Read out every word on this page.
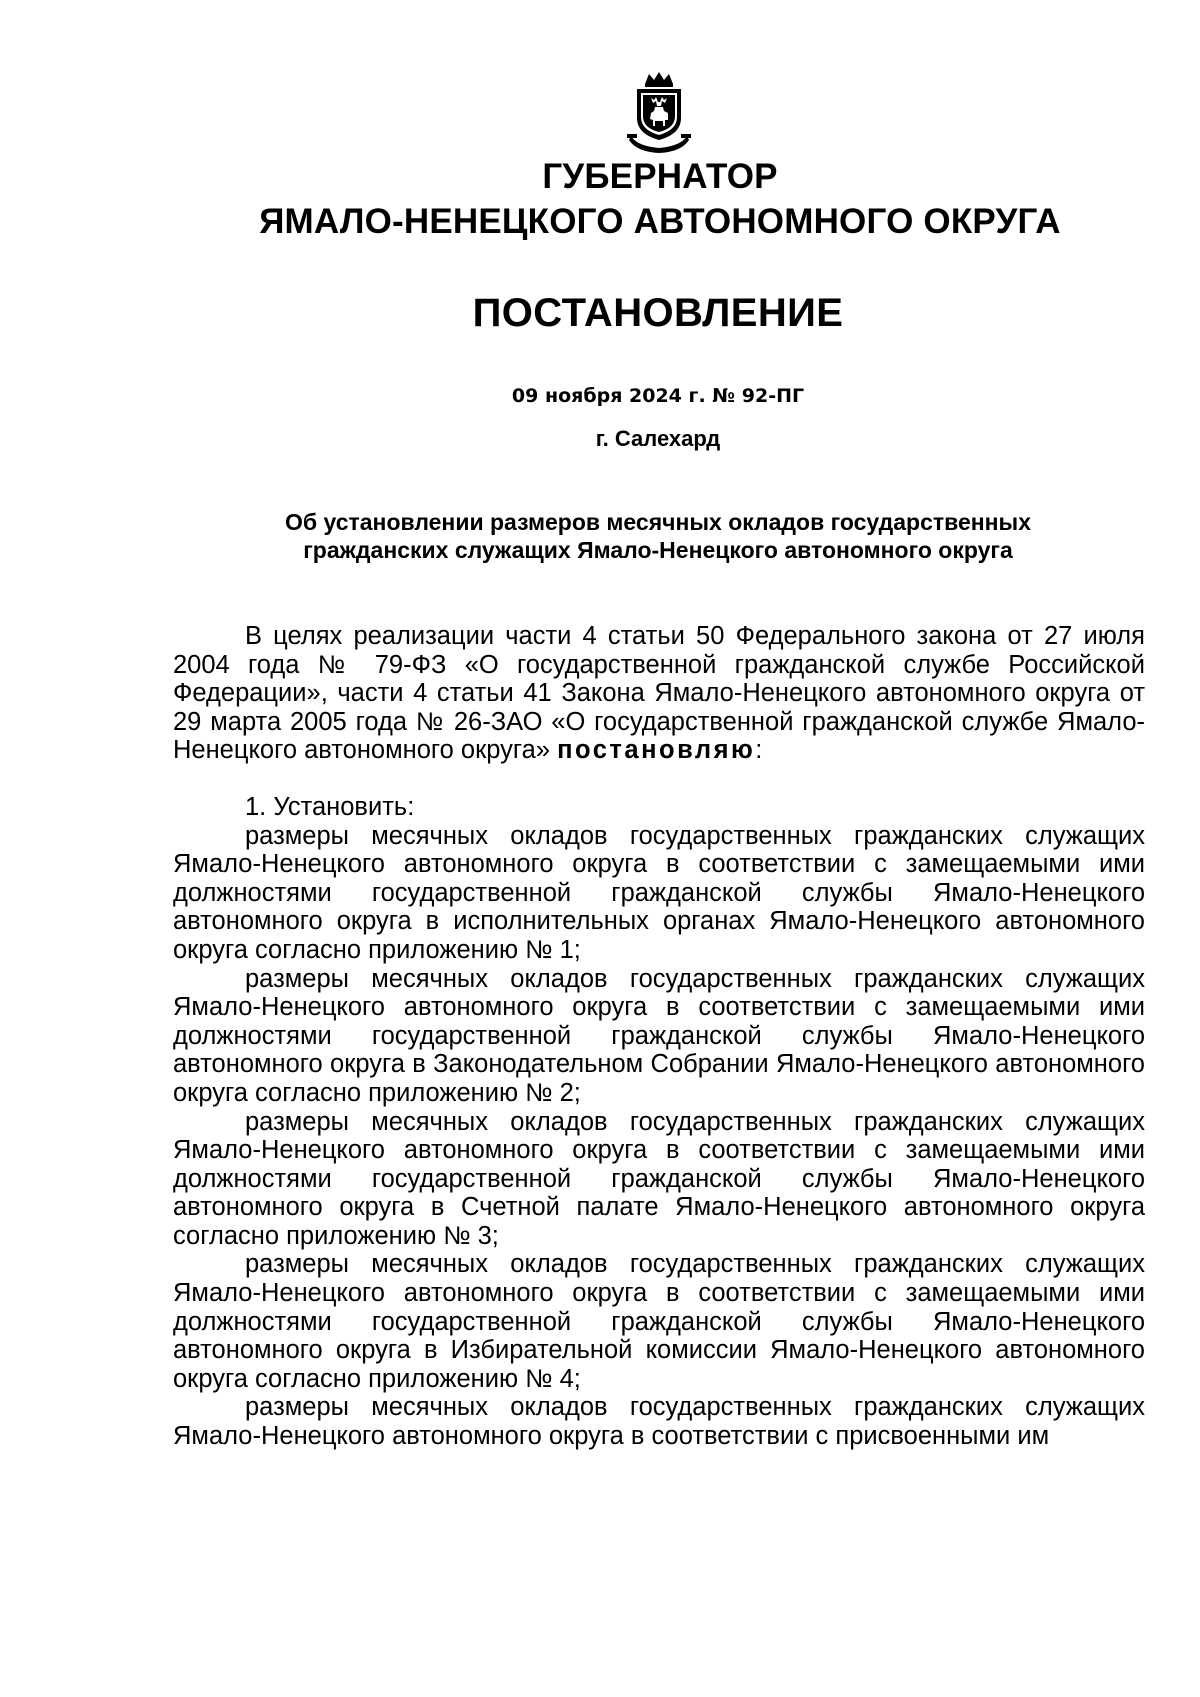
ГУБЕРНАТОР
ЯМАЛО-НЕНЕЦКОГО АВТОНОМНОГО ОКРУГА
ПОСТАНОВЛЕНИЕ
09 ноября 2024 г. № 92-ПГ
г. Салехард
Об установлении размеров месячных окладов государственных
гражданских служащих Ямало-Ненецкого автономного округа

В целях реализации части 4 статьи 50 Федерального закона от 27 июля 2004 года № 79-ФЗ «О государственной гражданской службе Российской Федерации», части 4 статьи 41 Закона Ямало-Ненецкого автономного округа от 29 марта 2005 года № 26-ЗАО «О государственной гражданской службе Ямало-Ненецкого автономного округа» постановляю:

1. Установить:

размеры месячных окладов государственных гражданских служащих Ямало-Ненецкого автономного округа в соответствии с замещаемыми ими должностями государственной гражданской службы Ямало-Ненецкого автономного округа в исполнительных органах Ямало-Ненецкого автономного округа согласно приложению № 1;

размеры месячных окладов государственных гражданских служащих Ямало-Ненецкого автономного округа в соответствии с замещаемыми ими должностями государственной гражданской службы Ямало-Ненецкого автономного округа в Законодательном Собрании Ямало-Ненецкого автономного округа согласно приложению № 2;

размеры месячных окладов государственных гражданских служащих Ямало-Ненецкого автономного округа в соответствии с замещаемыми ими должностями государственной гражданской службы Ямало-Ненецкого автономного округа в Счетной палате Ямало-Ненецкого автономного округа согласно приложению № 3;

размеры месячных окладов государственных гражданских служащих Ямало-Ненецкого автономного округа в соответствии с замещаемыми ими должностями государственной гражданской службы Ямало-Ненецкого автономного округа в Избирательной комиссии Ямало-Ненецкого автономного округа согласно приложению № 4;

размеры месячных окладов государственных гражданских служащих Ямало-Ненецкого автономного округа в соответствии с присвоенными им
